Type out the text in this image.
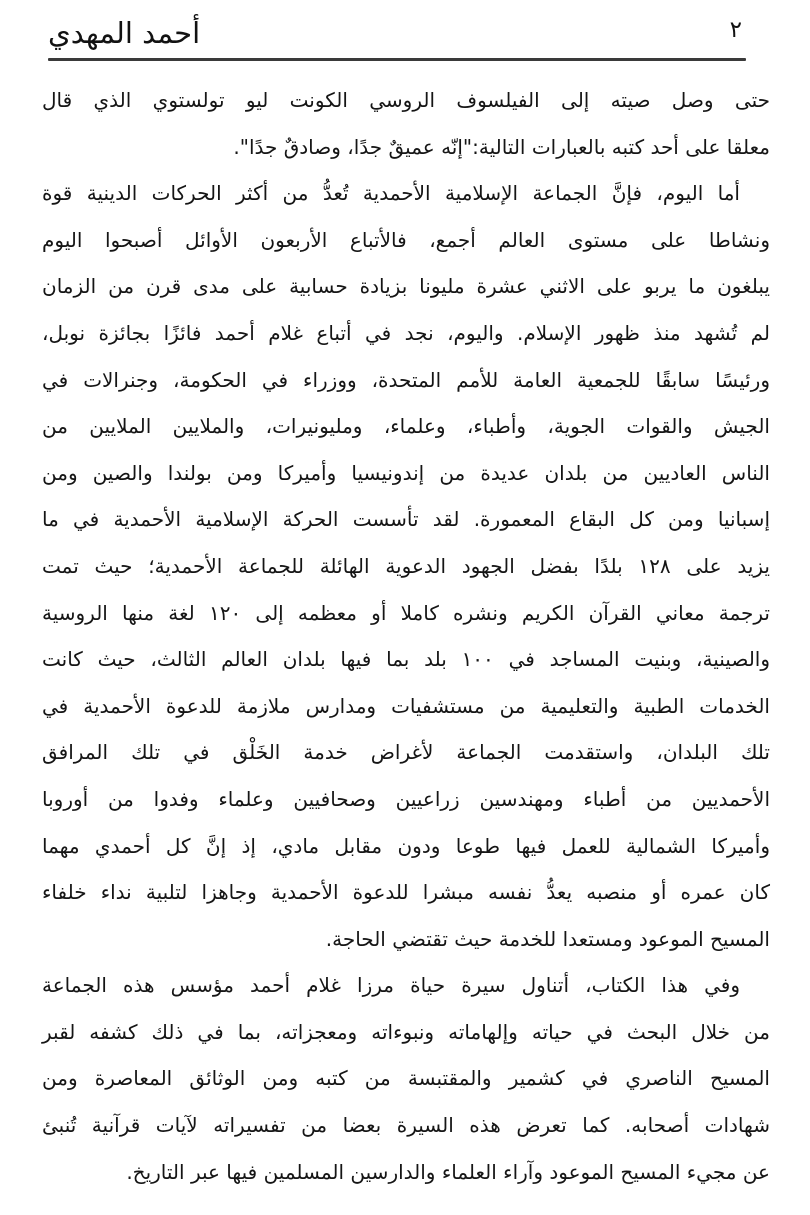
أحمد المهدي	٢
حتى وصل صيته إلى الفيلسوف الروسي الكونت ليو تولستوي الذي قال
معلقا على أحد كتبه بالعبارات التالية:"إنّه عميقٌ جدًا، وصادقٌ جدًا".
أما اليوم، فإنَّ الجماعة الإسلامية الأحمدية تُعدُّ من أكثر الحركات الدينية قوة
ونشاطا على مستوى العالم أجمع، فالأتباع الأربعون الأوائل أصبحوا اليوم
يبلغون ما يربو على الاثني عشرة مليونا بزيادة حسابية على مدى قرن من الزمان
لم تُشهد منذ ظهور الإسلام. واليوم، نجد في أتباع غلام أحمد فائزًا بجائزة نوبل،
ورئيسًا سابقًا للجمعية العامة للأمم المتحدة، ووزراء في الحكومة، وجنرالات في
الجيش والقوات الجوية، وأطباء، وعلماء، ومليونيرات، والملايين الملايين من
الناس العاديين من بلدان عديدة من إندونيسيا وأميركا ومن بولندا والصين ومن
إسبانيا ومن كل البقاع المعمورة. لقد تأسست الحركة الإسلامية الأحمدية في ما
يزيد على ١٢٨ بلدًا بفضل الجهود الدعوية الهائلة للجماعة الأحمدية؛ حيث تمت
ترجمة معاني القرآن الكريم ونشره كاملا أو معظمه إلى ١٢٠ لغة منها الروسية
والصينية، وبنيت المساجد في ١٠٠ بلد بما فيها بلدان العالم الثالث، حيث كانت
الخدمات الطبية والتعليمية من مستشفيات ومدارس ملازمة للدعوة الأحمدية في
تلك البلدان، واستقدمت الجماعة لأغراض خدمة الخَلْق في تلك المرافق
الأحمديين من أطباء ومهندسين زراعيين وصحافيين وعلماء وفدوا من أوروبا
وأميركا الشمالية للعمل فيها طوعا ودون مقابل مادي، إذ إنَّ كل أحمدي مهما
كان عمره أو منصبه يعدُّ نفسه مبشرا للدعوة الأحمدية وجاهزا لتلبية نداء خلفاء
المسيح الموعود ومستعدا للخدمة حيث تقتضي الحاجة.
وفي هذا الكتاب، أتناول سيرة حياة مرزا غلام أحمد مؤسس هذه الجماعة
من خلال البحث في حياته وإلهاماته ونبوءاته ومعجزاته، بما في ذلك كشفه لقبر
المسيح الناصري في كشمير والمقتبسة من كتبه ومن الوثائق المعاصرة ومن
شهادات أصحابه. كما تعرض هذه السيرة بعضا من تفسيراته لآيات قرآنية تُنبئ
عن مجيء المسيح الموعود وآراء العلماء والدارسين المسلمين فيها عبر التاريخ.
